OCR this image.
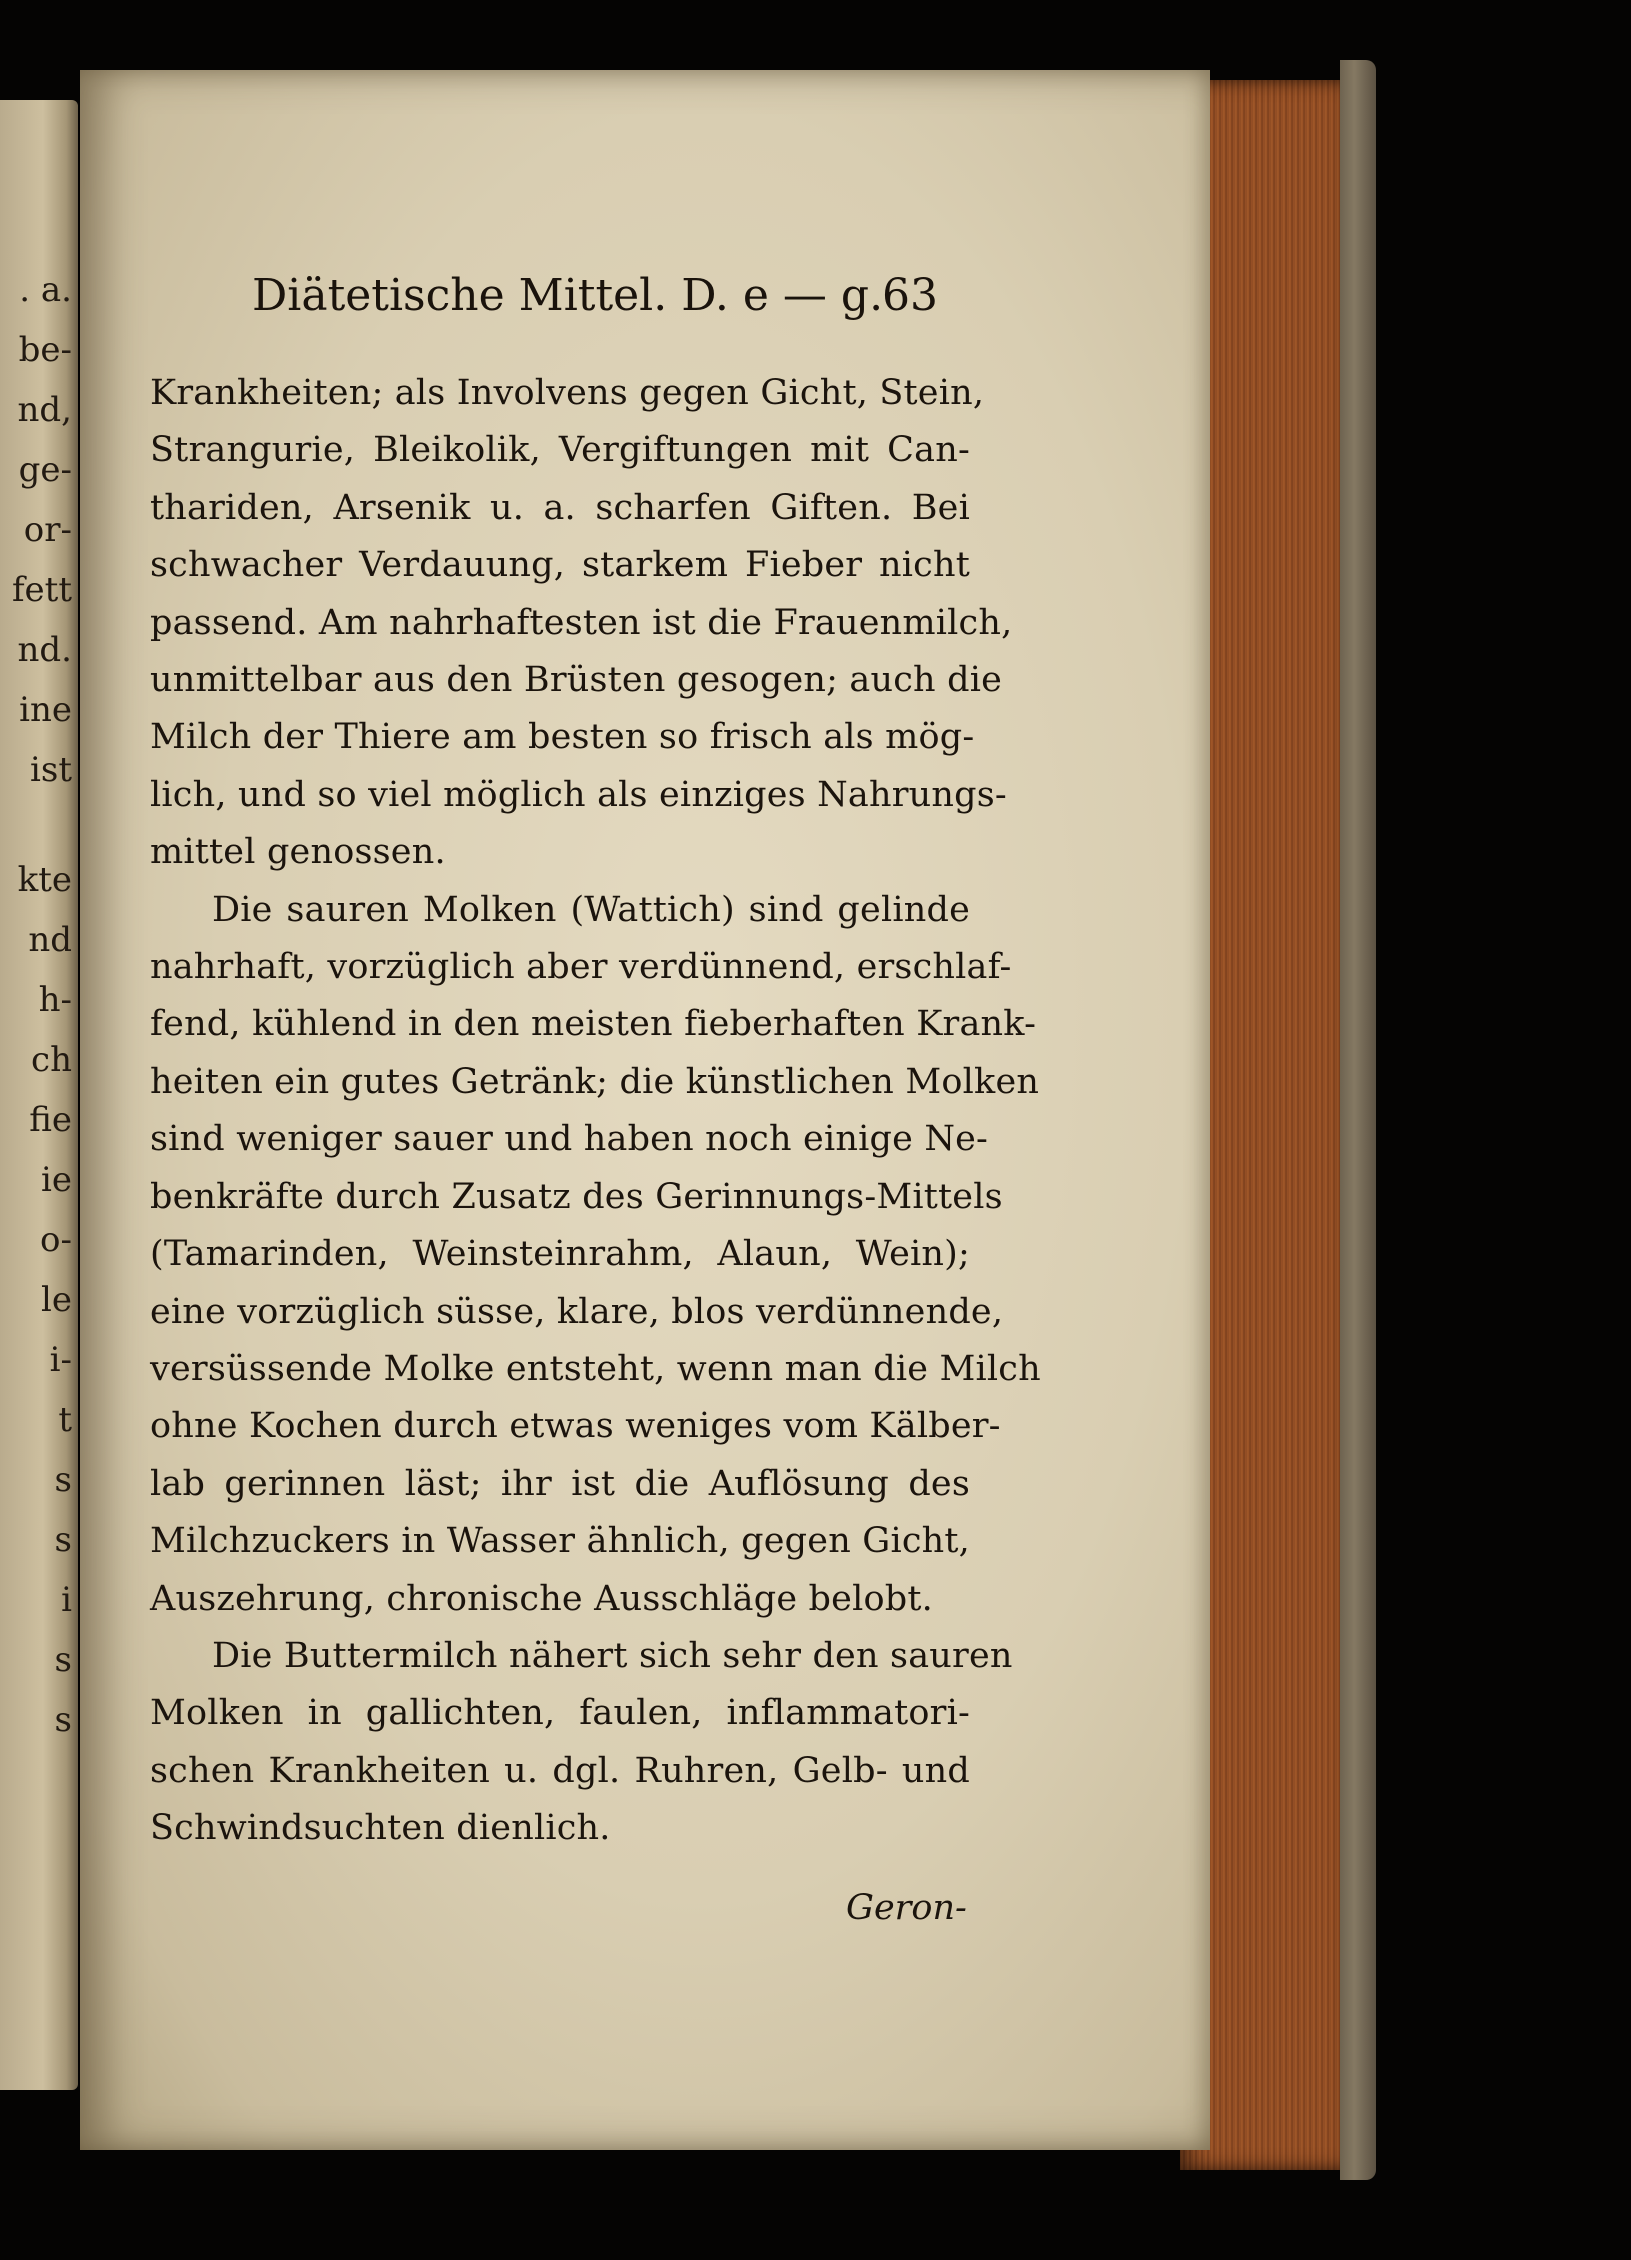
. a.
be-
nd,
ge-
or-
fett
nd.
ine
ist
kte
nd
h-
ch
fie
ie
o-
le
i-
t
s
s
i
s
s
Diätetische Mittel. D. e — g.
63
Krankheiten; als Involvens gegen Gicht, Stein,
Strangurie, Bleikolik, Vergiftungen mit Can-
thariden, Arsenik u. a. scharfen Giften. Bei
schwacher Verdauung, starkem Fieber nicht
passend. Am nahrhaftesten ist die Frauenmilch,
unmittelbar aus den Brüsten gesogen; auch die
Milch der Thiere am besten so frisch als mög-
lich, und so viel möglich als einziges Nahrungs-
mittel genossen.
Die sauren Molken (Wattich) sind gelinde
nahrhaft, vorzüglich aber verdünnend, erschlaf-
fend, kühlend in den meisten fieberhaften Krank-
heiten ein gutes Getränk; die künstlichen Molken
sind weniger sauer und haben noch einige Ne-
benkräfte durch Zusatz des Gerinnungs-Mittels
(Tamarinden, Weinsteinrahm, Alaun, Wein);
eine vorzüglich süsse, klare, blos verdünnende,
versüssende Molke entsteht, wenn man die Milch
ohne Kochen durch etwas weniges vom Kälber-
lab gerinnen läst; ihr ist die Auflösung des
Milchzuckers in Wasser ähnlich, gegen Gicht,
Auszehrung, chronische Ausschläge belobt.
Die Buttermilch nähert sich sehr den sauren
Molken in gallichten, faulen, inflammatori-
schen Krankheiten u. dgl. Ruhren, Gelb- und
Schwindsuchten dienlich.
Geron-
